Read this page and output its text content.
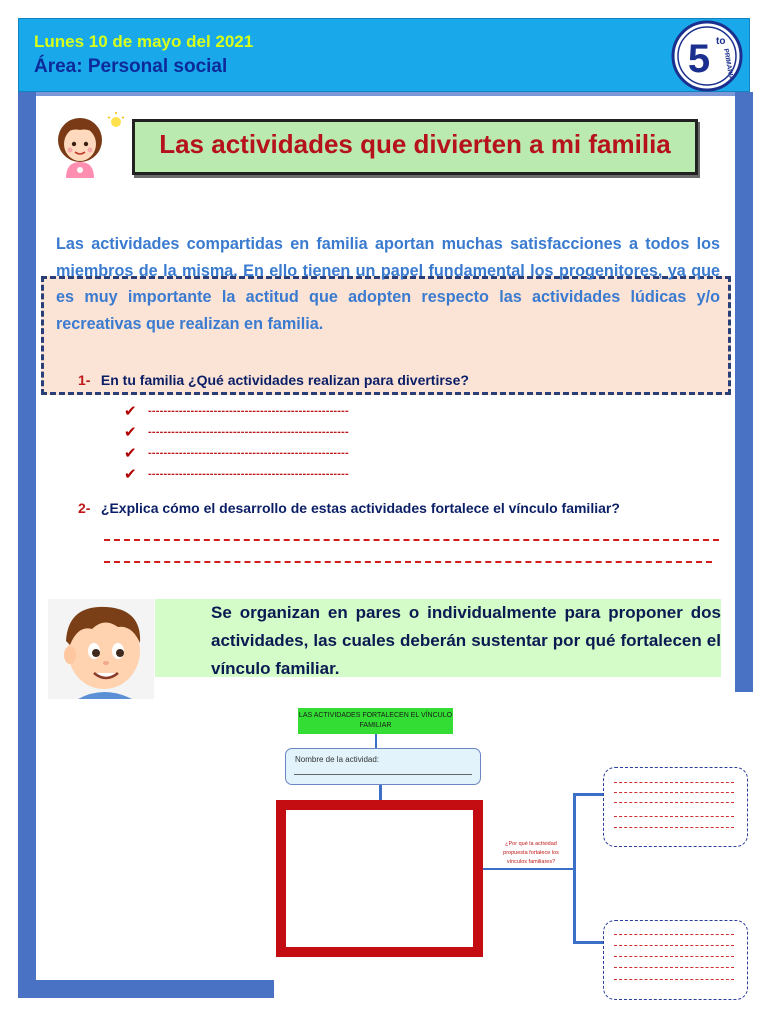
Lunes 10 de mayo del 2021
Área: Personal social	5 to
PRIMARIA
Las actividades que divierten a mi familia
Las actividades compartidas en familia aportan muchas satisfacciones a todos los miembros de la misma. En ello tienen un papel fundamental los progenitores, ya que es muy importante la actitud que adopten respecto las actividades lúdicas y/o recreativas que realizan en familia.
1- En tu familia ¿Qué actividades realizan para divertirse?
✔ ----------------------------------------------------
✔ ----------------------------------------------------
✔ ----------------------------------------------------
✔ ----------------------------------------------------
2- ¿Explica cómo el desarrollo de estas actividades fortalece el vínculo familiar?
Se organizan en pares o individualmente para proponer dos actividades, las cuales deberán sustentar por qué fortalecen el vínculo familiar.
LAS ACTIVIDADES FORTALECEN EL VÍNCULO FAMILIAR
Nombre de la actividad:
¿Por qué la actividad propuesta fortalece los vínculos familiares?
